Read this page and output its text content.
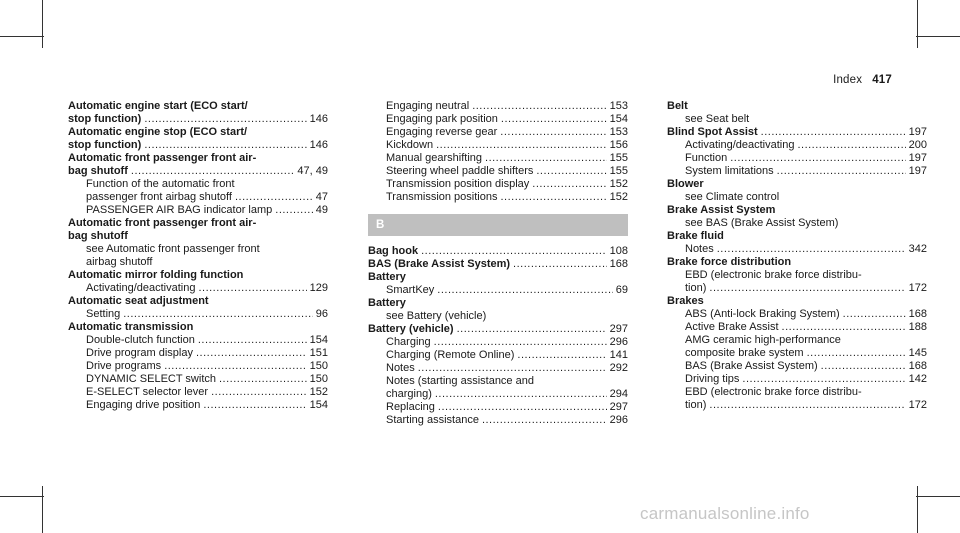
Index 417
Automatic engine start (ECO start/
stop function) .....	146
Automatic engine stop (ECO start/
stop function) .....	146
Automatic front passenger front air-
bag shutoff .....	47, 49
Function of the automatic front
passenger front airbag shutoff .....	47
PASSENGER AIR BAG indicator lamp .....	49
Automatic front passenger front air-
bag shutoff
see Automatic front passenger front
airbag shutoff
Automatic mirror folding function
Activating/deactivating .....	129
Automatic seat adjustment
Setting .....	96
Automatic transmission
Double-clutch function .....	154
Drive program display .....	151
Drive programs .....	150
DYNAMIC SELECT switch .....	150
E-SELECT selector lever .....	152
Engaging drive position .....	154
Engaging neutral .....	153
Engaging park position .....	154
Engaging reverse gear .....	153
Kickdown .....	156
Manual gearshifting .....	155
Steering wheel paddle shifters .....	155
Transmission position display .....	152
Transmission positions .....	152
B
Bag hook .....	108
BAS (Brake Assist System) .....	168
Battery
SmartKey .....	69
Battery
see Battery (vehicle)
Battery (vehicle) .....	297
Charging .....	296
Charging (Remote Online) .....	141
Notes .....	292
Notes (starting assistance and
charging) .....	294
Replacing .....	297
Starting assistance .....	296
Belt
see Seat belt
Blind Spot Assist .....	197
Activating/deactivating .....	200
Function .....	197
System limitations .....	197
Blower
see Climate control
Brake Assist System
see BAS (Brake Assist System)
Brake fluid
Notes .....	342
Brake force distribution
EBD (electronic brake force distribu-
tion) .....	172
Brakes
ABS (Anti-lock Braking System) .....	168
Active Brake Assist .....	188
AMG ceramic high-performance
composite brake system .....	145
BAS (Brake Assist System) .....	168
Driving tips .....	142
EBD (electronic brake force distribu-
tion) .....	172
carmanualsonline.info
